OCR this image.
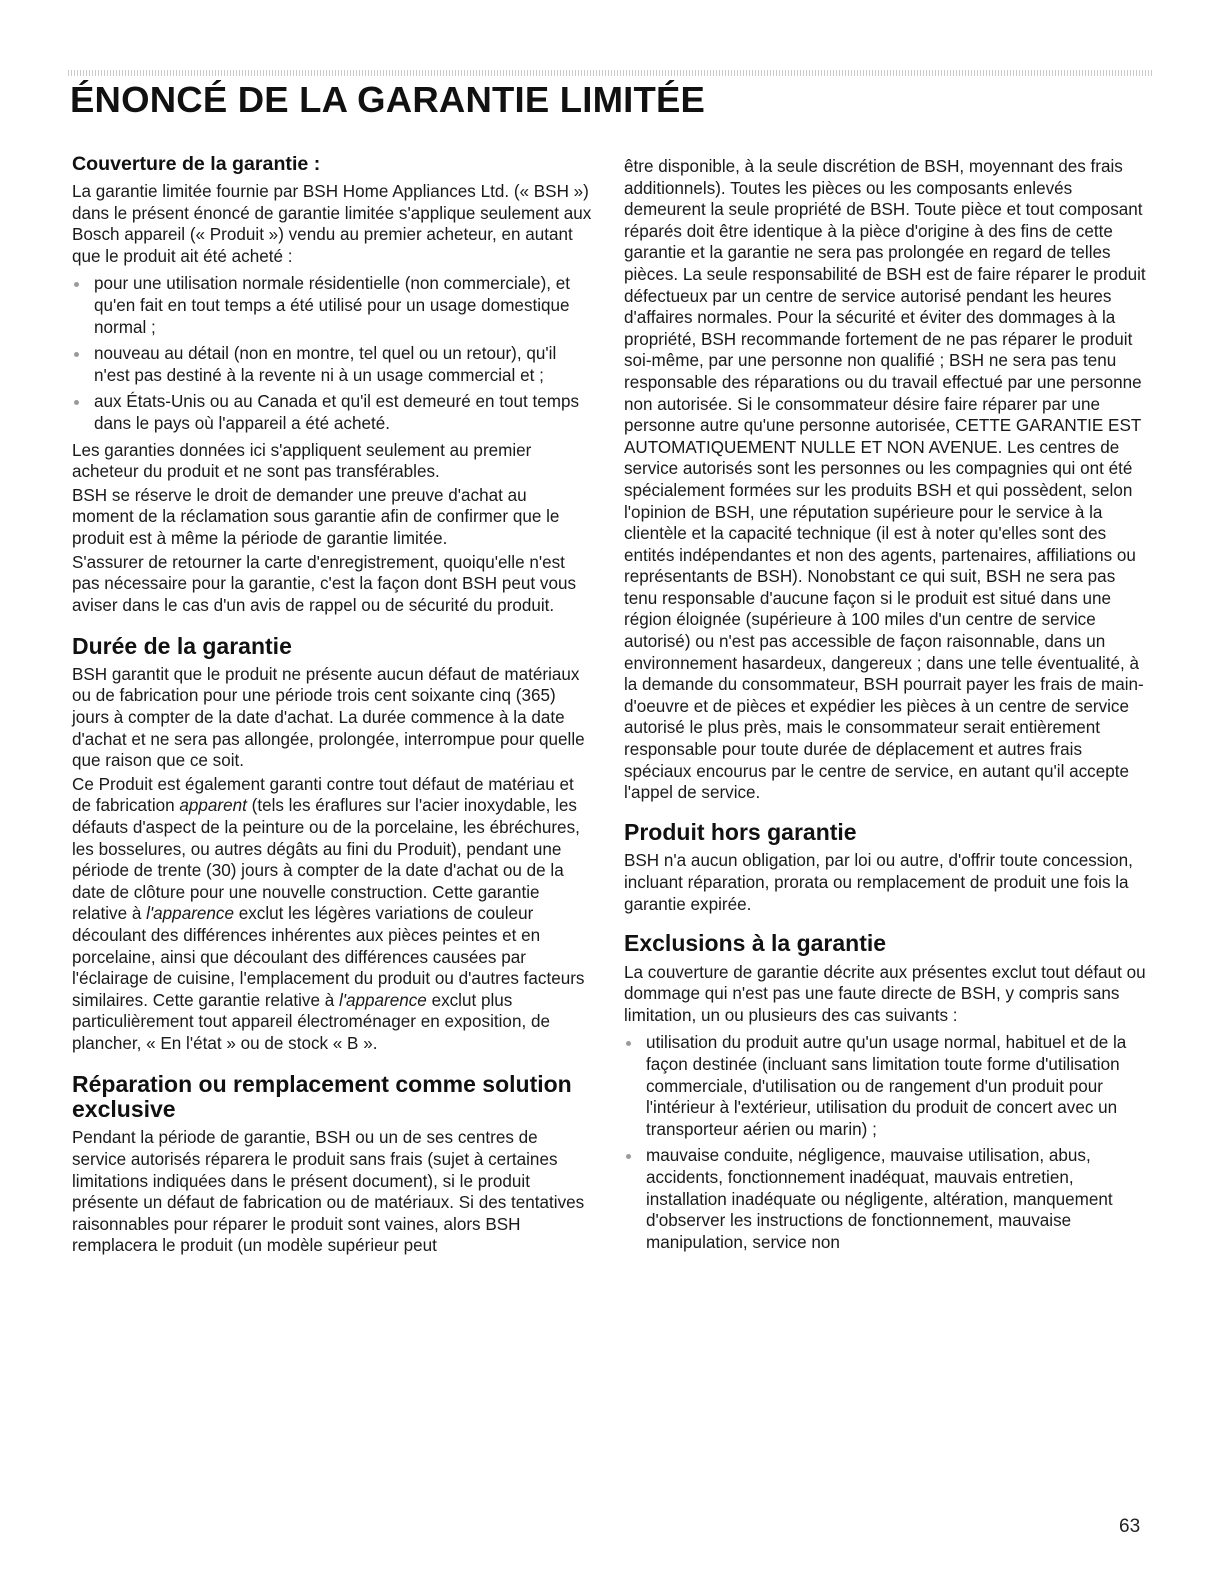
ÉNONCÉ DE LA GARANTIE LIMITÉE
Couverture de la garantie :

La garantie limitée fournie par BSH Home Appliances Ltd. (« BSH ») dans le présent énoncé de garantie limitée s'applique seulement aux Bosch appareil (« Produit ») vendu au premier acheteur, en autant que le produit ait été acheté :

pour une utilisation normale résidentielle (non commerciale), et qu'en fait en tout temps a été utilisé pour un usage domestique normal ;
nouveau au détail (non en montre, tel quel ou un retour), qu'il n'est pas destiné à la revente ni à un usage commercial et ;
aux États-Unis ou au Canada et qu'il est demeuré en tout temps dans le pays où l'appareil a été acheté.

Les garanties données ici s'appliquent seulement au premier acheteur du produit et ne sont pas transférables.

BSH se réserve le droit de demander une preuve d'achat au moment de la réclamation sous garantie afin de confirmer que le produit est à même la période de garantie limitée.

S'assurer de retourner la carte d'enregistrement, quoiqu'elle n'est pas nécessaire pour la garantie, c'est la façon dont BSH peut vous aviser dans le cas d'un avis de rappel ou de sécurité du produit.

Durée de la garantie

BSH garantit que le produit ne présente aucun défaut de matériaux ou de fabrication pour une période trois cent soixante cinq (365) jours à compter de la date d'achat. La durée commence à la date d'achat et ne sera pas allongée, prolongée, interrompue pour quelle que raison que ce soit.

Ce Produit est également garanti contre tout défaut de matériau et de fabrication apparent (tels les éraflures sur l'acier inoxydable, les défauts d'aspect de la peinture ou de la porcelaine, les ébréchures, les bosselures, ou autres dégâts au fini du Produit), pendant une période de trente (30) jours à compter de la date d'achat ou de la date de clôture pour une nouvelle construction. Cette garantie relative à l'apparence exclut les légères variations de couleur découlant des différences inhérentes aux pièces peintes et en porcelaine, ainsi que découlant des différences causées par l'éclairage de cuisine, l'emplacement du produit ou d'autres facteurs similaires. Cette garantie relative à l'apparence exclut plus particulièrement tout appareil électroménager en exposition, de plancher, « En l'état » ou de stock « B ».

Réparation ou remplacement comme solution exclusive

Pendant la période de garantie, BSH ou un de ses centres de service autorisés réparera le produit sans frais (sujet à certaines limitations indiquées dans le présent document), si le produit présente un défaut de fabrication ou de matériaux. Si des tentatives raisonnables pour réparer le produit sont vaines, alors BSH remplacera le produit (un modèle supérieur peut

être disponible, à la seule discrétion de BSH, moyennant des frais additionnels). Toutes les pièces ou les composants enlevés demeurent la seule propriété de BSH. Toute pièce et tout composant réparés doit être identique à la pièce d'origine à des fins de cette garantie et la garantie ne sera pas prolongée en regard de telles pièces. La seule responsabilité de BSH est de faire réparer le produit défectueux par un centre de service autorisé pendant les heures d'affaires normales. Pour la sécurité et éviter des dommages à la propriété, BSH recommande fortement de ne pas réparer le produit soi-même, par une personne non qualifié ; BSH ne sera pas tenu responsable des réparations ou du travail effectué par une personne non autorisée. Si le consommateur désire faire réparer par une personne autre qu'une personne autorisée, CETTE GARANTIE EST AUTOMATIQUEMENT NULLE ET NON AVENUE. Les centres de service autorisés sont les personnes ou les compagnies qui ont été spécialement formées sur les produits BSH et qui possèdent, selon l'opinion de BSH, une réputation supérieure pour le service à la clientèle et la capacité technique (il est à noter qu'elles sont des entités indépendantes et non des agents, partenaires, affiliations ou représentants de BSH). Nonobstant ce qui suit, BSH ne sera pas tenu responsable d'aucune façon si le produit est situé dans une région éloignée (supérieure à 100 miles d'un centre de service autorisé) ou n'est pas accessible de façon raisonnable, dans un environnement hasardeux, dangereux ; dans une telle éventualité, à la demande du consommateur, BSH pourrait payer les frais de main-d'oeuvre et de pièces et expédier les pièces à un centre de service autorisé le plus près, mais le consommateur serait entièrement responsable pour toute durée de déplacement et autres frais spéciaux encourus par le centre de service, en autant qu'il accepte l'appel de service.

Produit hors garantie

BSH n'a aucun obligation, par loi ou autre, d'offrir toute concession, incluant réparation, prorata ou remplacement de produit une fois la garantie expirée.

Exclusions à la garantie

La couverture de garantie décrite aux présentes exclut tout défaut ou dommage qui n'est pas une faute directe de BSH, y compris sans limitation, un ou plusieurs des cas suivants :

utilisation du produit autre qu'un usage normal, habituel et de la façon destinée (incluant sans limitation toute forme d'utilisation commerciale, d'utilisation ou de rangement d'un produit pour l'intérieur à l'extérieur, utilisation du produit de concert avec un transporteur aérien ou marin) ;
mauvaise conduite, négligence, mauvaise utilisation, abus, accidents, fonctionnement inadéquat, mauvais entretien, installation inadéquate ou négligente, altération, manquement d'observer les instructions de fonctionnement, mauvaise manipulation, service non
63
